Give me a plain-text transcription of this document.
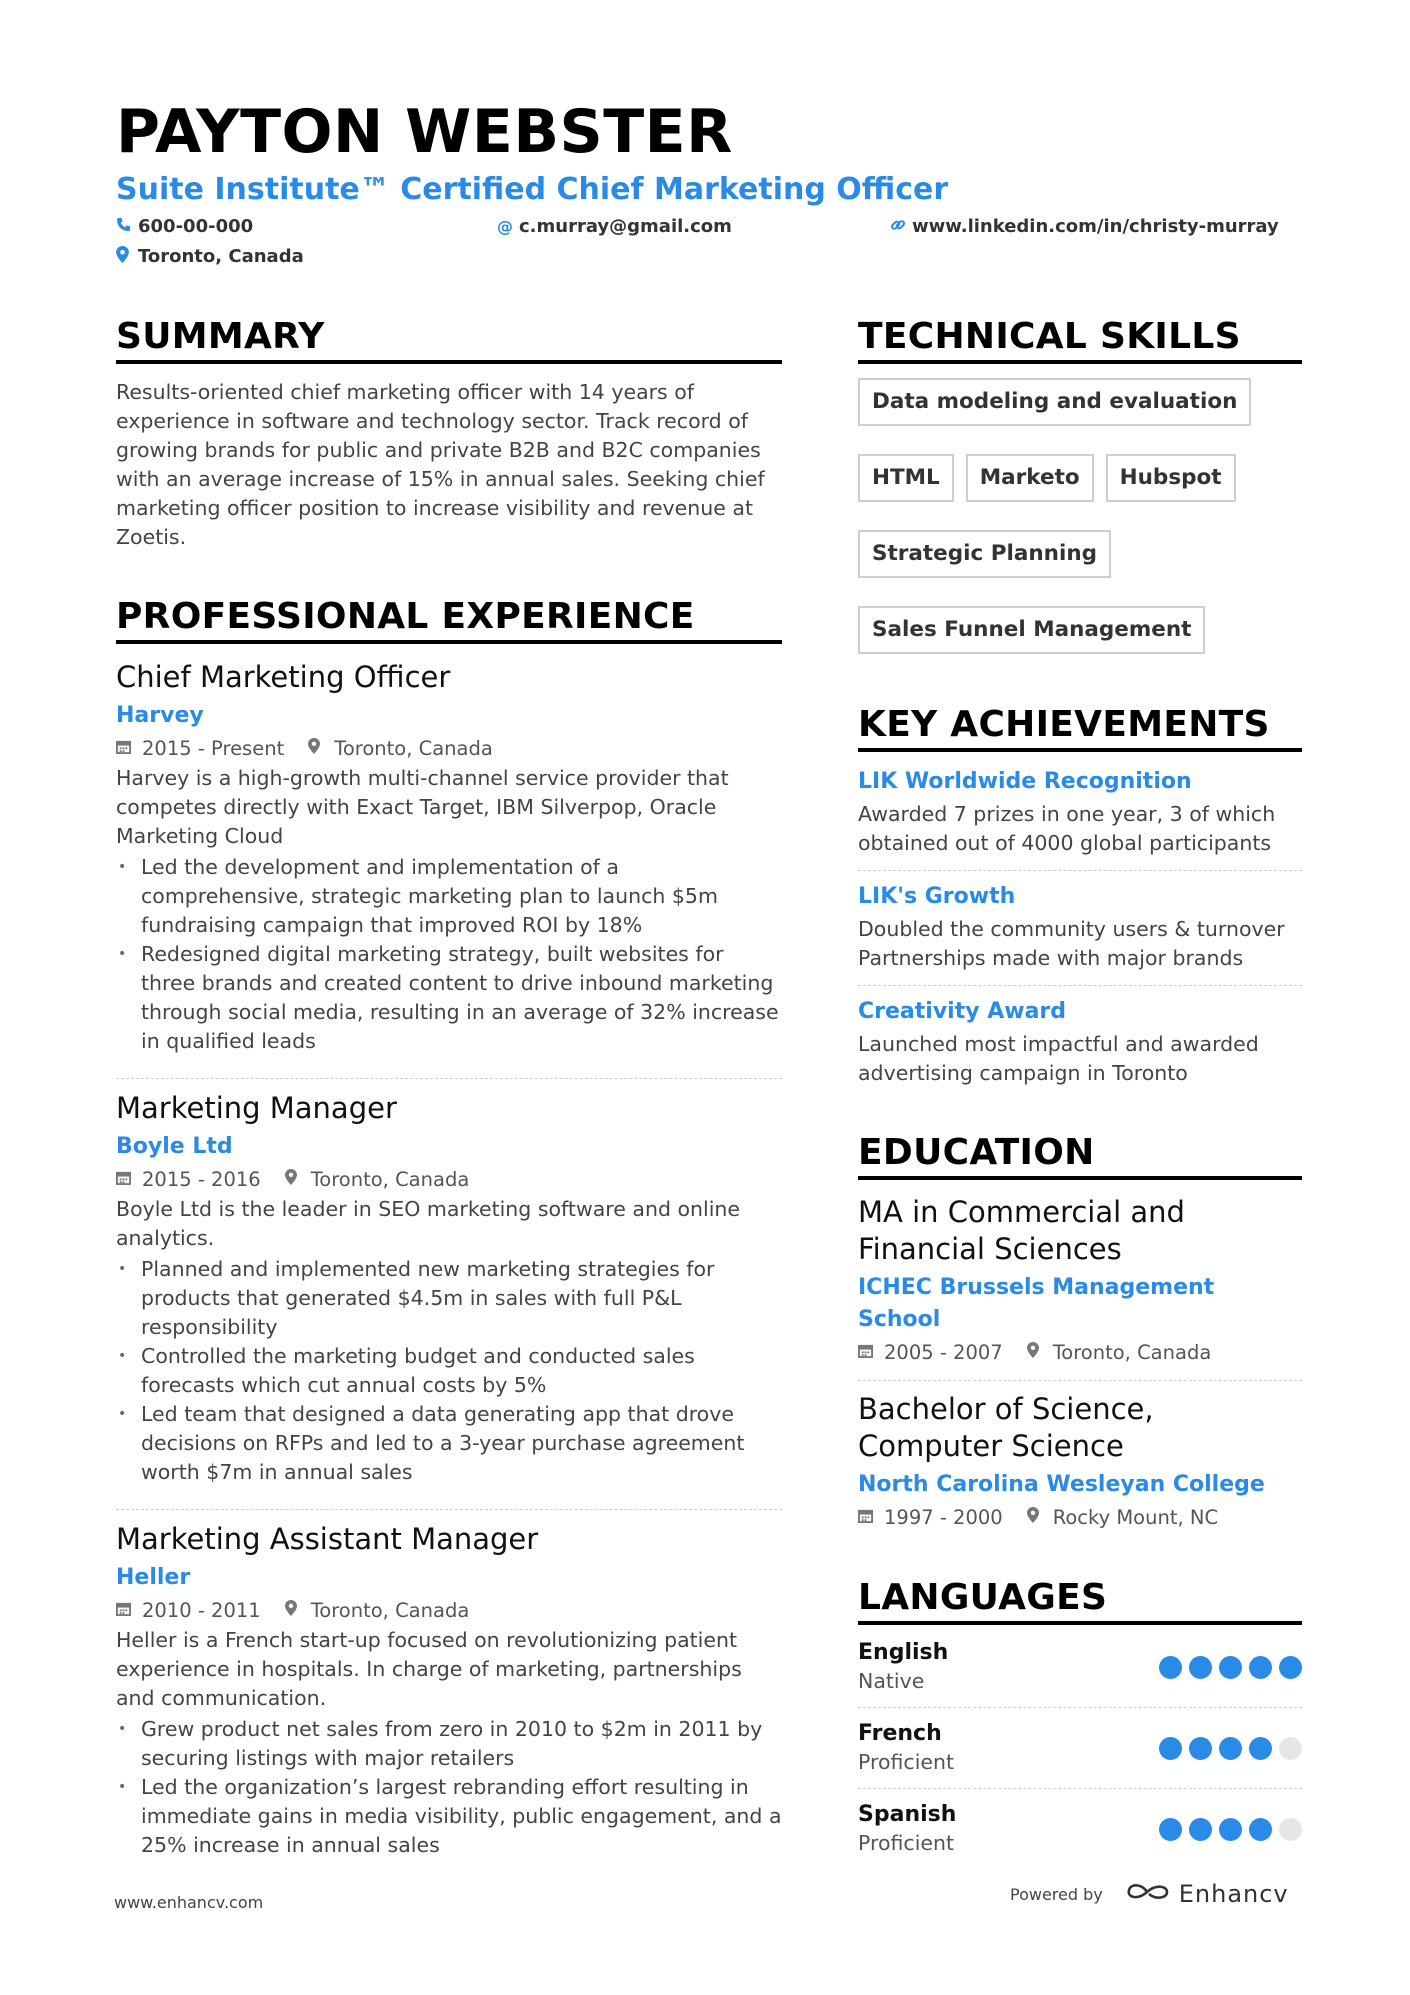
PAYTON WEBSTER
Suite Institute™ Certified Chief Marketing Officer
600-00-000	@ c.murray@gmail.com	www.linkedin.com/in/christy-murray
Toronto, Canada
SUMMARY
Results-oriented chief marketing officer with 14 years of experience in software and technology sector. Track record of growing brands for public and private B2B and B2C companies with an average increase of 15% in annual sales. Seeking chief marketing officer position to increase visibility and revenue at Zoetis.
PROFESSIONAL EXPERIENCE
Chief Marketing Officer
Harvey
2015 - Present	Toronto, Canada
Harvey is a high-growth multi-channel service provider that competes directly with Exact Target, IBM Silverpop, Oracle Marketing Cloud
• Led the development and implementation of a comprehensive, strategic marketing plan to launch $5m fundraising campaign that improved ROI by 18%
• Redesigned digital marketing strategy, built websites for three brands and created content to drive inbound marketing through social media, resulting in an average of 32% increase in qualified leads
Marketing Manager
Boyle Ltd
2015 - 2016	Toronto, Canada
Boyle Ltd is the leader in SEO marketing software and online analytics.
• Planned and implemented new marketing strategies for products that generated $4.5m in sales with full P&L responsibility
• Controlled the marketing budget and conducted sales forecasts which cut annual costs by 5%
• Led team that designed a data generating app that drove decisions on RFPs and led to a 3-year purchase agreement worth $7m in annual sales
Marketing Assistant Manager
Heller
2010 - 2011	Toronto, Canada
Heller is a French start-up focused on revolutionizing patient experience in hospitals. In charge of marketing, partnerships and communication.
• Grew product net sales from zero in 2010 to $2m in 2011 by securing listings with major retailers
• Led the organization’s largest rebranding effort resulting in immediate gains in media visibility, public engagement, and a 25% increase in annual sales
TECHNICAL SKILLS
Data modeling and evaluation
HTML	Marketo	Hubspot
Strategic Planning
Sales Funnel Management
KEY ACHIEVEMENTS
LIK Worldwide Recognition
Awarded 7 prizes in one year, 3 of which obtained out of 4000 global participants
LIK's Growth
Doubled the community users & turnover Partnerships made with major brands
Creativity Award
Launched most impactful and awarded advertising campaign in Toronto
EDUCATION
MA in Commercial and Financial Sciences
ICHEC Brussels Management School
2005 - 2007	Toronto, Canada
Bachelor of Science, Computer Science
North Carolina Wesleyan College
1997 - 2000	Rocky Mount, NC
LANGUAGES
English
Native
French
Proficient
Spanish
Proficient
www.enhancv.com	Powered by	Enhancv
